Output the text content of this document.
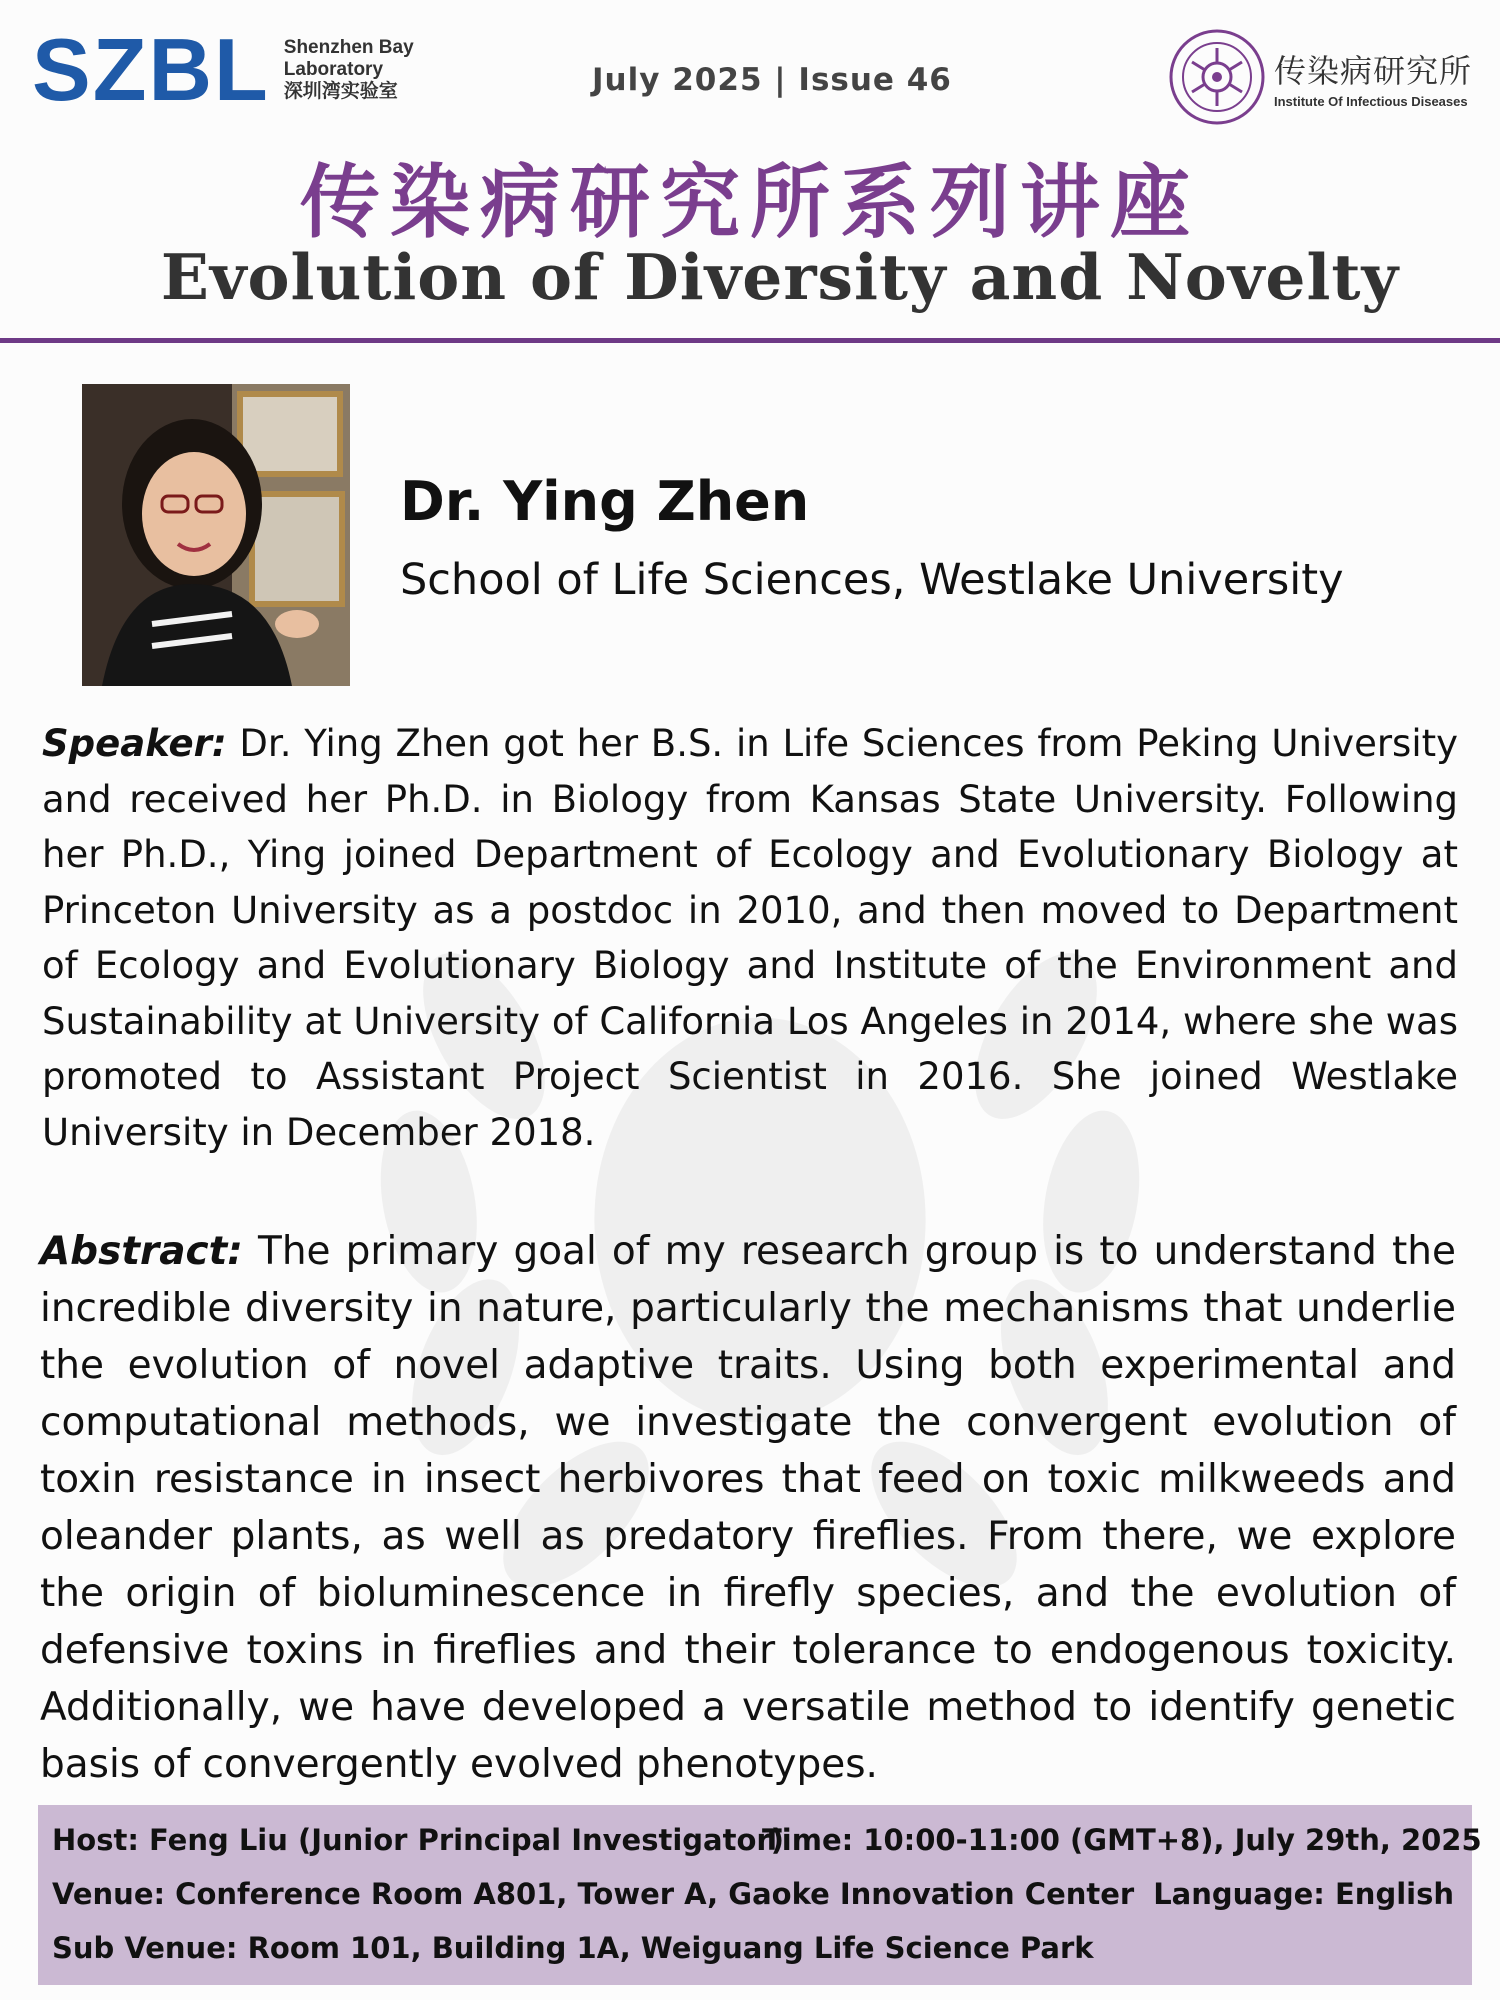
SZBL Shenzhen Bay
Laboratory
深圳湾实验室	July 2025 | Issue 46	传染病研究所
Institute Of Infectious Diseases
传染病研究所系列讲座
Evolution of Diversity and Novelty
Dr. Ying Zhen
School of Life Sciences, Westlake University
Speaker: Dr. Ying Zhen got her B.S. in Life Sciences from Peking University and received her Ph.D. in Biology from Kansas State University. Following her Ph.D., Ying joined Department of Ecology and Evolutionary Biology at Princeton University as a postdoc in 2010, and then moved to Department of Ecology and Evolutionary Biology and Institute of the Environment and Sustainability at University of California Los Angeles in 2014, where she was promoted to Assistant Project Scientist in 2016. She joined Westlake University in December 2018.
Abstract: The primary goal of my research group is to understand the incredible diversity in nature, particularly the mechanisms that underlie the evolution of novel adaptive traits. Using both experimental and computational methods, we investigate the convergent evolution of toxin resistance in insect herbivores that feed on toxic milkweeds and oleander plants, as well as predatory fireflies. From there, we explore the origin of bioluminescence in firefly species, and the evolution of defensive toxins in fireflies and their tolerance to endogenous toxicity. Additionally, we have developed a versatile method to identify genetic basis of convergently evolved phenotypes.
Host: Feng Liu (Junior Principal Investigator)
Time: 10:00-11:00 (GMT+8), July 29th, 2025
Venue: Conference Room A801, Tower A, Gaoke Innovation Center Language: English
Sub Venue: Room 101, Building 1A, Weiguang Life Science Park
